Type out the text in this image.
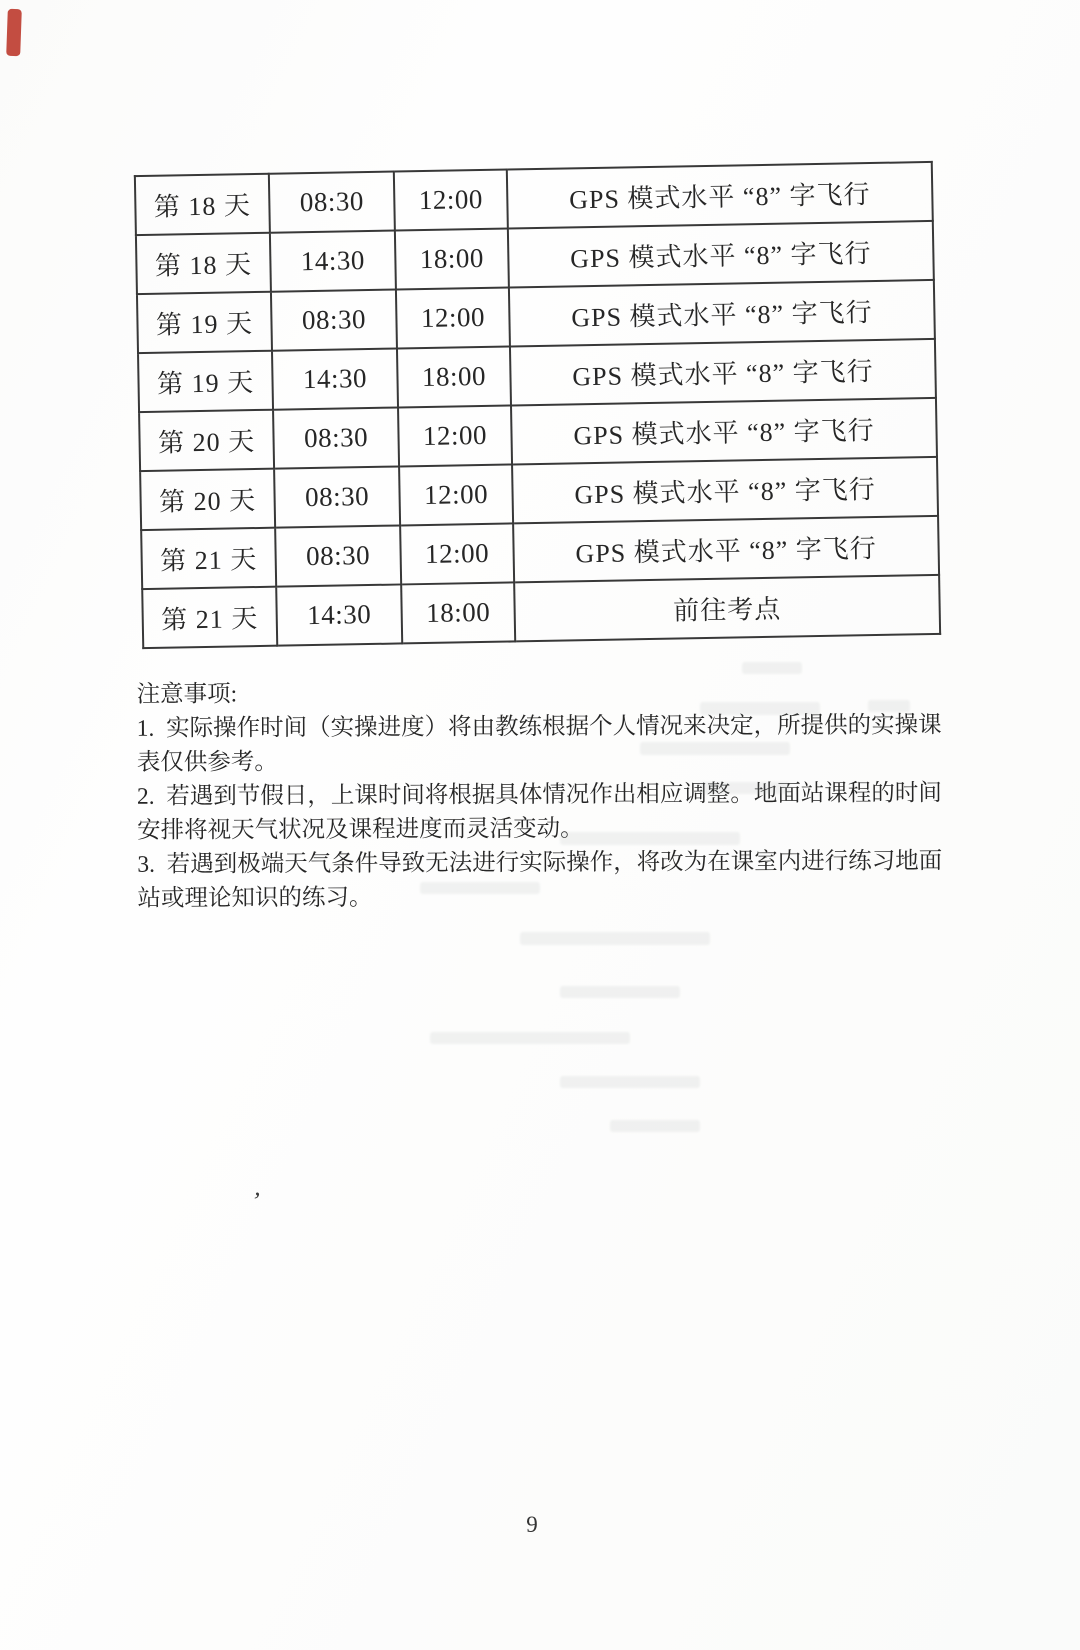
第 18 天	08:30	12:00	GPS 模式水平 “8” 字飞行
第 18 天	14:30	18:00	GPS 模式水平 “8” 字飞行
第 19 天	08:30	12:00	GPS 模式水平 “8” 字飞行
第 19 天	14:30	18:00	GPS 模式水平 “8” 字飞行
第 20 天	08:30	12:00	GPS 模式水平 “8” 字飞行
第 20 天	08:30	12:00	GPS 模式水平 “8” 字飞行
第 21 天	08:30	12:00	GPS 模式水平 “8” 字飞行
第 21 天	14:30	18:00	前往考点

注意事项:

1.  实际操作时间（实操进度）将由教练根据个人情况来决定，所提供的实操课表仅供参考。

2.  若遇到节假日，上课时间将根据具体情况作出相应调整。地面站课程的时间安排将视天气状况及课程进度而灵活变动。

3.  若遇到极端天气条件导致无法进行实际操作，将改为在课室内进行练习地面站或理论知识的练习。

’
9
